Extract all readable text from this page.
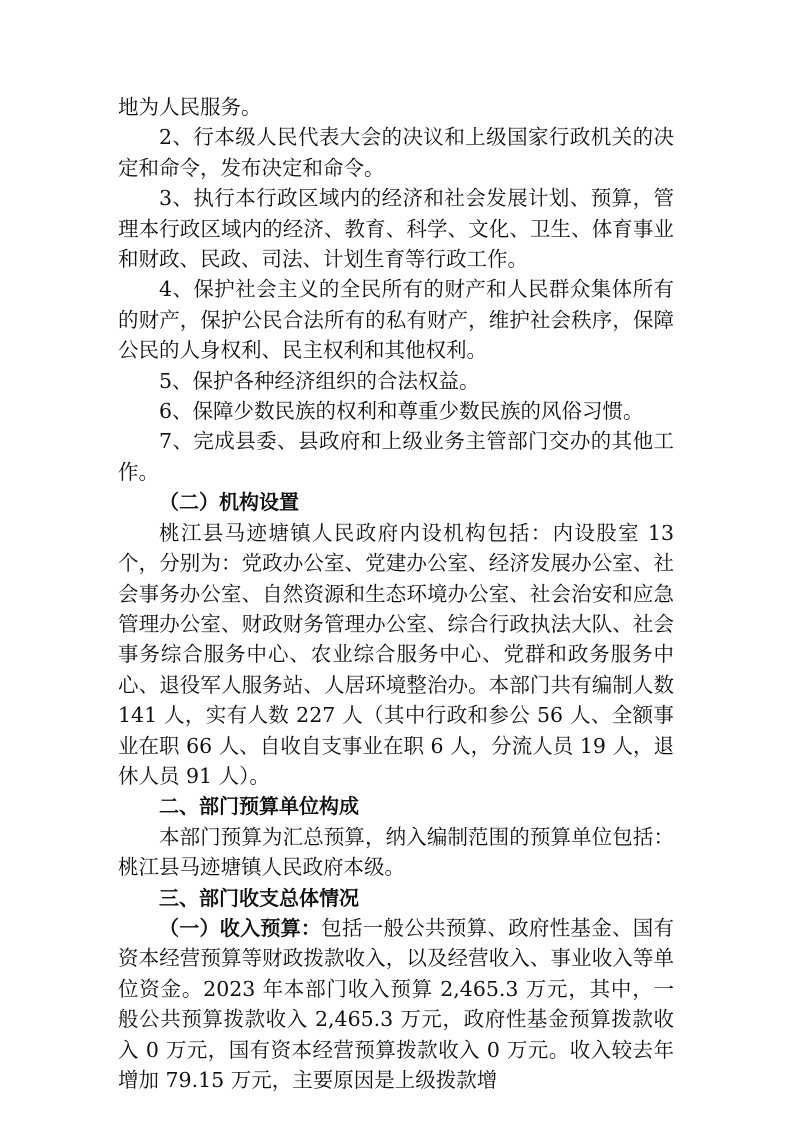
地为人民服务。

2、行本级人民代表大会的决议和上级国家行政机关的决定和命令，发布决定和命令。

3、执行本行政区域内的经济和社会发展计划、预算，管理本行政区域内的经济、教育、科学、文化、卫生、体育事业和财政、民政、司法、计划生育等行政工作。

4、保护社会主义的全民所有的财产和人民群众集体所有的财产，保护公民合法所有的私有财产，维护社会秩序，保障公民的人身权利、民主权利和其他权利。

5、保护各种经济组织的合法权益。

6、保障少数民族的权利和尊重少数民族的风俗习惯。

7、完成县委、县政府和上级业务主管部门交办的其他工作。

（二）机构设置

桃江县马迹塘镇人民政府内设机构包括：内设股室 13 个，分别为：党政办公室、党建办公室、经济发展办公室、社会事务办公室、自然资源和生态环境办公室、社会治安和应急管理办公室、财政财务管理办公室、综合行政执法大队、社会事务综合服务中心、农业综合服务中心、党群和政务服务中心、退役军人服务站、人居环境整治办。本部门共有编制人数 141 人，实有人数 227 人（其中行政和参公 56 人、全额事业在职 66 人、自收自支事业在职 6 人，分流人员 19 人，退休人员 91 人）。

二、部门预算单位构成

本部门预算为汇总预算，纳入编制范围的预算单位包括：桃江县马迹塘镇人民政府本级。

三、部门收支总体情况

（一）收入预算：包括一般公共预算、政府性基金、国有资本经营预算等财政拨款收入，以及经营收入、事业收入等单位资金。2023 年本部门收入预算 2,465.3 万元，其中，一般公共预算拨款收入 2,465.3 万元，政府性基金预算拨款收入 0 万元，国有资本经营预算拨款收入 0 万元。收入较去年增加 79.15 万元，主要原因是上级拨款增
